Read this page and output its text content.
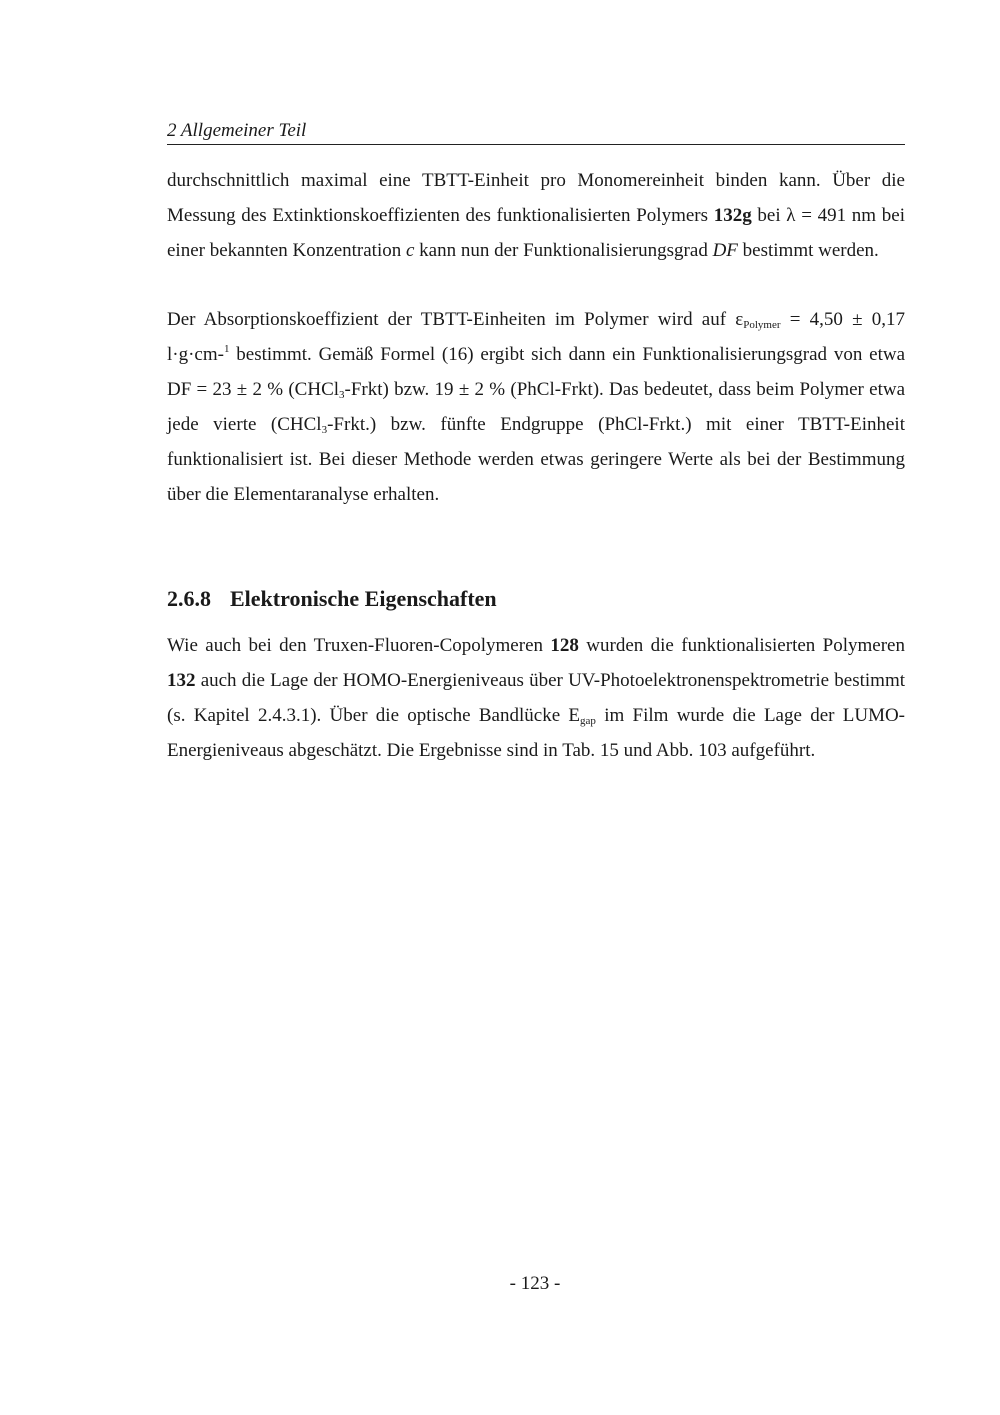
2 Allgemeiner Teil

durchschnittlich maximal eine TBTT-Einheit pro Monomereinheit binden kann. Über die Messung des Extinktionskoeffizienten des funktionalisierten Polymers 132g bei λ = 491 nm bei einer bekannten Konzentration c kann nun der Funktionalisierungsgrad DF bestimmt werden.

Der Absorptionskoeffizient der TBTT-Einheiten im Polymer wird auf $\varepsilon_{Polymer} = 4,50 \pm 0,17$ l·g·cm-$^1$ bestimmt. Gemäß Formel (16) ergibt sich dann ein Funktionalisierungsgrad von etwa DF = 23 ± 2 % (CHCl$_3$-Frkt) bzw. 19 ± 2 % (PhCl-Frkt). Das bedeutet, dass beim Polymer etwa jede vierte (CHCl$_3$-Frkt.) bzw. fünfte Endgruppe (PhCl-Frkt.) mit einer TBTT-Einheit funktionalisiert ist. Bei dieser Methode werden etwas geringere Werte als bei der Bestimmung über die Elementaranalyse erhalten.

2.6.8 Elektronische Eigenschaften

Wie auch bei den Truxen-Fluoren-Copolymeren 128 wurden die funktionalisierten Polymeren 132 auch die Lage der HOMO-Energieniveaus über UV-Photoelektronenspektrometrie bestimmt (s. Kapitel 2.4.3.1). Über die optische Bandlücke $E_{gap}$ im Film wurde die Lage der LUMO-Energieniveaus abgeschätzt. Die Ergebnisse sind in Tab. 15 und Abb. 103 aufgeführt.

- 123 -
